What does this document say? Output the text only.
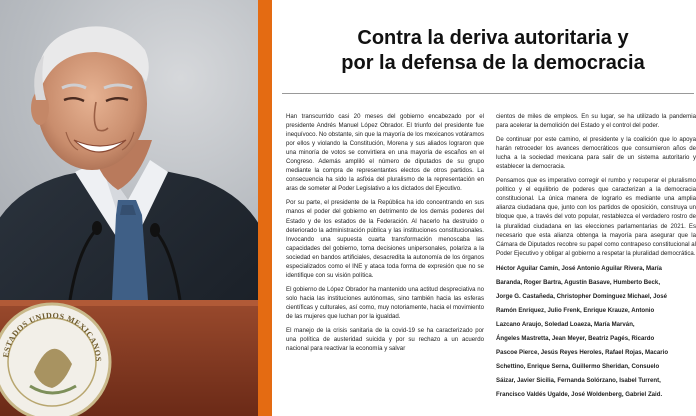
ESTADOS UNIDOS MEXICANOS
Contra la deriva autoritaria y
por la defensa de la democracia

Han transcurrido casi 20 meses del gobierno encabezado por el presidente Andrés Manuel López Obrador. El triunfo del presidente fue inequívoco. No obstante, sin que la mayoría de los mexicanos votáramos por ellos y violando la Constitución, Morena y sus aliados lograron que una minoría de votos se convirtiera en una mayoría de escaños en el Congreso. Además ampliló el número de diputados de su grupo mediante la compra de representantes electos de otros partidos. La consecuencia ha sido la asfixia del pluralismo de la representación en aras de someter al Poder Legislativo a los dictados del Ejecutivo.

Por su parte, el presidente de la República ha ido concentrando en sus manos el poder del gobierno en detrimento de los demás poderes del Estado y de los estados de la Federación. Al hacerlo ha destruido o deteriorado la administración pública y las instituciones constitucionales. Invocando una supuesta cuarta transformación menoscaba las capacidades del gobierno, toma decisiones unipersonales, polariza a la sociedad en bandos artificiales, desacredita la autonomía de los órganos especializados como el INE y ataca toda forma de expresión que no se identifique con su visión política.

El gobierno de López Obrador ha mantenido una actitud despreciativa no solo hacia las instituciones autónomas, sino también hacia las esferas científicas y culturales, así como, muy notoriamente, hacia el movimiento de las mujeres que luchan por la igualdad.

El manejo de la crisis sanitaria de la covid-19 se ha caracterizado por una política de austeridad suicida y por su rechazo a un acuerdo nacional para reactivar la economía y salvar

cientos de miles de empleos. En su lugar, se ha utilizado la pandemia para acelerar la demolición del Estado y el control del poder.

De continuar por este camino, el presidente y la coalición que lo apoya harán retroceder los avances democráticos que consumieron años de lucha a la sociedad mexicana para salir de un sistema autoritario y establecer la democracia.

Pensamos que es imperativo corregir el rumbo y recuperar el pluralismo político y el equilibrio de poderes que caracterizan a la democracia constitucional. La única manera de lograrlo es mediante una amplia alianza ciudadana que, junto con los partidos de oposición, construya un bloque que, a través del voto popular, restablezca el verdadero rostro de la pluralidad ciudadana en las elecciones parlamentarias de 2021. Es necesario que esta alianza obtenga la mayoría para asegurar que la Cámara de Diputados recobre su papel como contrapeso constitucional al Poder Ejecutivo y obligar al gobierno a respetar la pluralidad democrática.

Héctor Aguilar Camín, José Antonio Aguilar Rivera, María

Baranda, Roger Bartra, Agustín Basave, Humberto Beck,

Jorge G. Castañeda, Christopher Domínguez Michael, José

Ramón Enríquez, Julio Frenk, Enrique Krauze, Antonio

Lazcano Araujo, Soledad Loaeza, María Marván,

Ángeles Mastretta, Jean Meyer, Beatriz Pagés, Ricardo

Pascoe Pierce, Jesús Reyes Heroles, Rafael Rojas, Macario

Schettino, Enrique Serna, Guillermo Sheridan, Consuelo

Sáizar, Javier Sicilia, Fernanda Solórzano, Isabel Turrent,

Francisco Valdés Ugalde, José Woldenberg, Gabriel Zaid.
